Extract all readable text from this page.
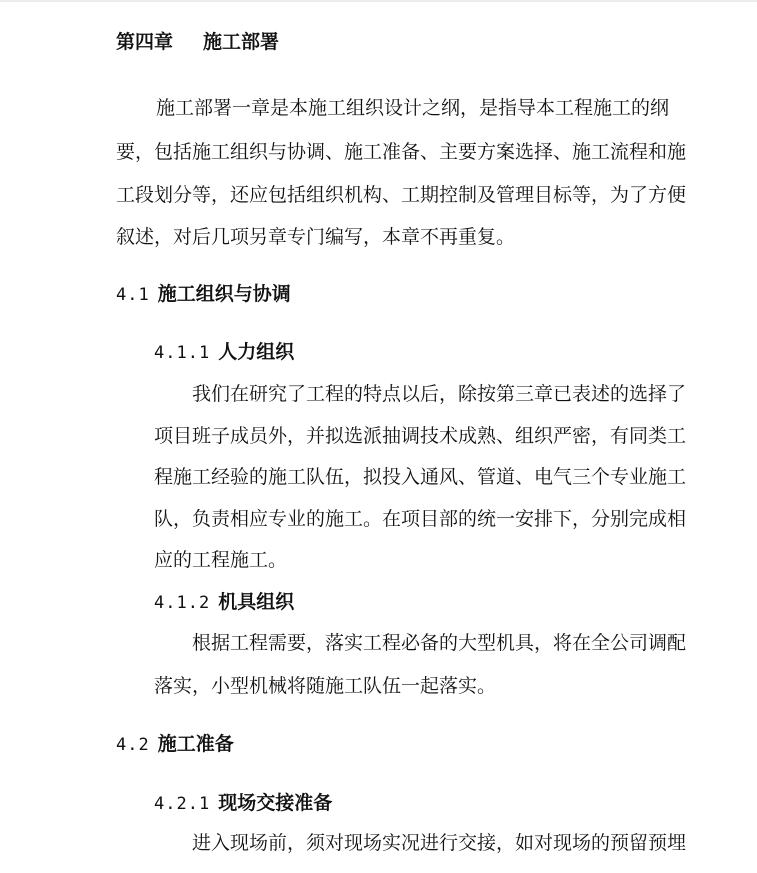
第四章 施工部署

施工部署一章是本施工组织设计之纲，是指导本工程施工的纲

要，包括施工组织与协调、施工准备、主要方案选择、施工流程和施

工段划分等，还应包括组织机构、工期控制及管理目标等，为了方便

叙述，对后几项另章专门编写，本章不再重复。

4.1 施工组织与协调
4.1.1 人力组织

我们在研究了工程的特点以后，除按第三章已表述的选择了

项目班子成员外，并拟选派抽调技术成熟、组织严密，有同类工

程施工经验的施工队伍，拟投入通风、管道、电气三个专业施工

队，负责相应专业的施工。在项目部的统一安排下，分别完成相

应的工程施工。

4.1.2 机具组织

根据工程需要，落实工程必备的大型机具，将在全公司调配

落实，小型机械将随施工队伍一起落实。

4.2 施工准备
4.2.1 现场交接准备

进入现场前，须对现场实况进行交接，如对现场的预留预埋
